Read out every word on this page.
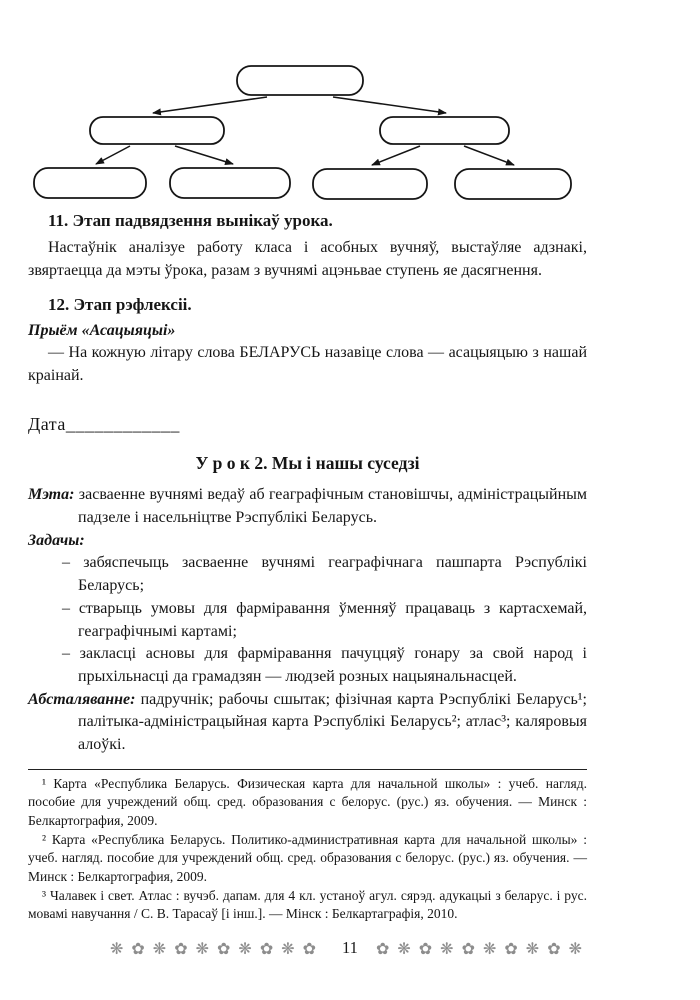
11. Этап падвядзення вынікаў урока.

Настаўнік аналізуе работу класа і асобных вучняў, выстаўляе адзнакі, звяртаецца да мэты ўрока, разам з вучнямі ацэньвае ступень яе дасягнення.

12. Этап рэфлексіі.

Прыём «Асацыяцыі»

— На кожную літару слова БЕЛАРУСЬ назавіце слова — асацыяцыю з нашай краінай.

Дата____________

У р о к 2. Мы і нашы суседзі

Мэта: засваенне вучнямі ведаў аб геаграфічным становішчы, адміністрацыйным падзеле і насельніцтве Рэспублікі Беларусь.

Задачы:

– забяспечыць засваенне вучнямі геаграфічнага пашпарта Рэспублікі Беларусь;

– стварыць умовы для фарміравання ўменняў працаваць з картасхемай, геаграфічнымі картамі;

– закласці асновы для фарміравання пачуццяў гонару за свой народ і прыхільнасці да грамадзян — людзей розных нацыянальнасцей.

Абсталяванне: падручнік; рабочы сшытак; фізічная карта Рэспублікі Беларусь¹; палітыка-адміністрацыйная карта Рэспублікі Беларусь²; атлас³; каляровыя алоўкі.

¹ Карта «Республика Беларусь. Физическая карта для начальной школы» : учеб. нагляд. пособие для учреждений общ. сред. образования с белорус. (рус.) яз. обучения. — Минск : Белкартография, 2009.

² Карта «Республика Беларусь. Политико-административная карта для начальной школы» : учеб. нагляд. пособие для учреждений общ. сред. образования с белорус. (рус.) яз. обучения. — Минск : Белкартография, 2009.

³ Чалавек і свет. Атлас : вучэб. дапам. для 4 кл. устаноў агул. сярэд. адукацыі з беларус. і рус. мовамі навучання / С. В. Тарасаў [і інш.]. — Мінск : Белкартаграфія, 2010.

❋✿❋✿❋✿❋✿❋✿ 11 ✿❋✿❋✿❋✿❋✿❋
